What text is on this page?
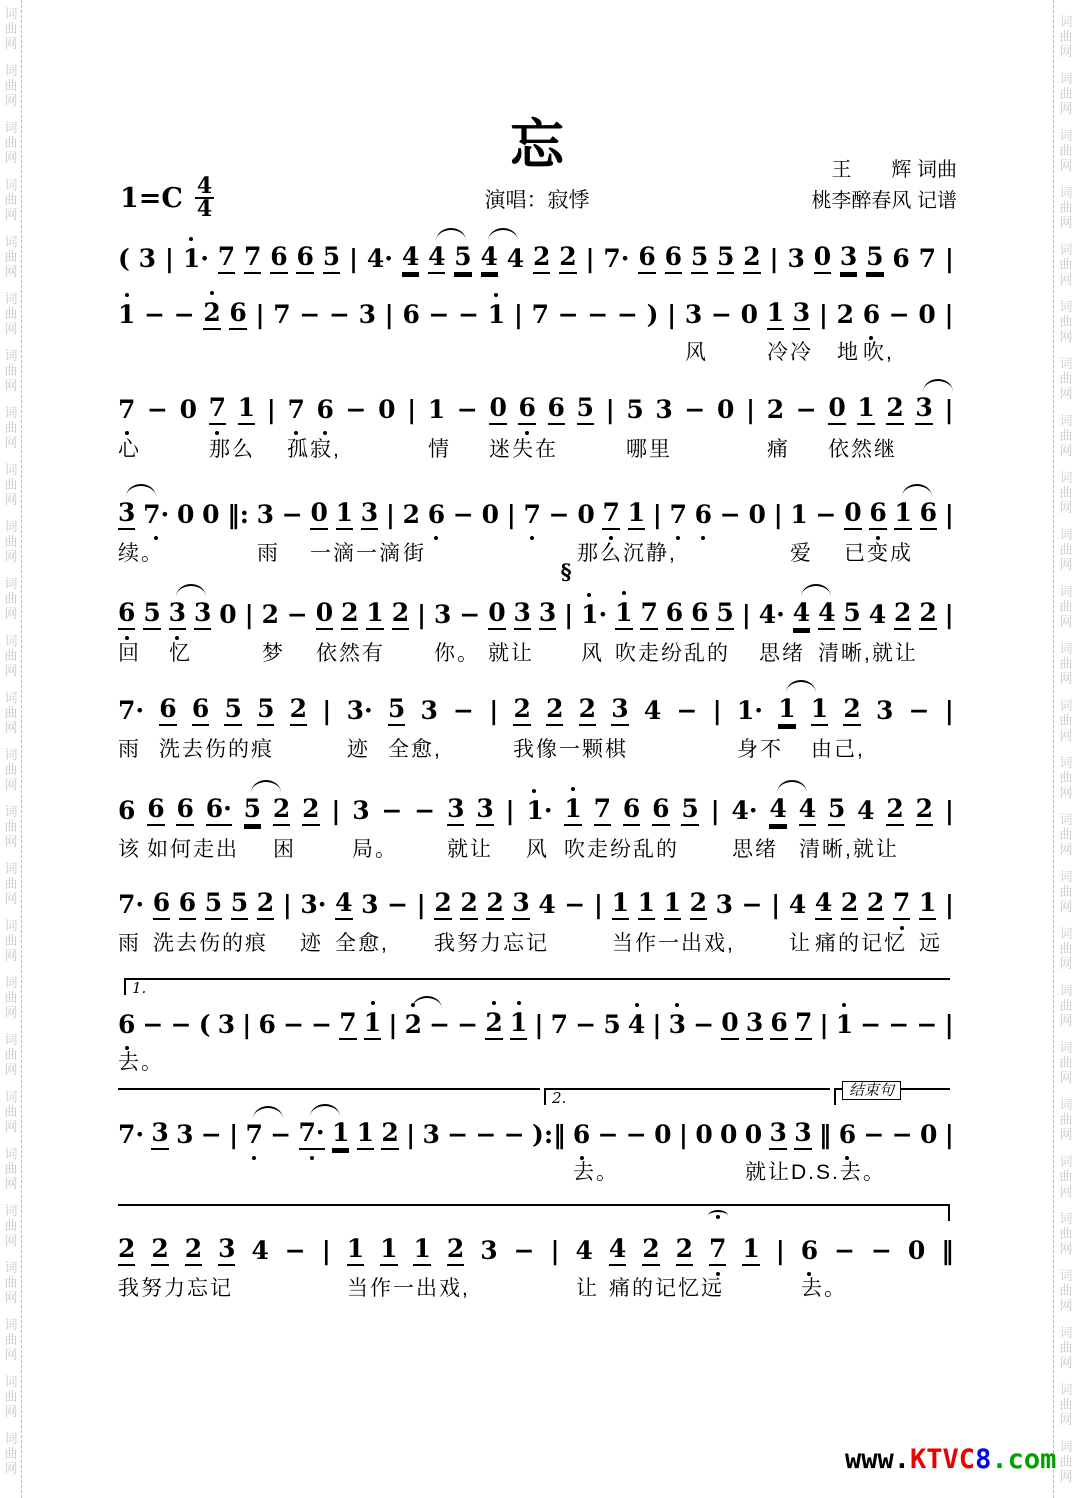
词
曲
网
词
曲
网
词
曲
网
词
曲
网
词
曲
网
词
曲
网
词
曲
网
词
曲
网
词
曲
网
词
曲
网
词
曲
网
词
曲
网
词
曲
网
词
曲
网
词
曲
网
词
曲
网
词
曲
网
词
曲
网
词
曲
网
词
曲
网
词
曲
网
词
曲
网
词
曲
网
词
曲
网
词
曲
网
词
曲
网
词
曲
网
词
曲
网
词
曲
网
词
曲
网
词
曲
网
词
曲
网
词
曲
网
词
曲
网
词
曲
网
词
曲
网
词
曲
网
词
曲
网
词
曲
网
词
曲
网
词
曲
网
词
曲
网
词
曲
网
词
曲
网
词
曲
网
词
曲
网
词
曲
网
词
曲
网
词
曲
网
词
曲
网
词
曲
网
词
曲
网
忘
1=C 4
4	演唱：寂悸
王　　辉 词曲
桃李醉春风 记谱
( 3 | 1· 7 7 6 6 5 | 4· 4 4 5 4 4 2 2 | 7· 6 6 5 5 2 | 3 0 3 5 6 7 |
1 − − 2 6 | 7 − − 3 | 6 − − 1 | 7 − − − ) | 3 − 0 1 3 | 2 6 − 0 |
风	冷冷 地 吹,
7 − 0 7 1 | 7 6 − 0 | 1 − 0 6 6 5 | 5 3 − 0 | 2 − 0 1 2 3 |
心	那么 孤寂,	情 迷失在	哪里	痛 依然继
3 7· 0 0 ‖: 3 − 0 1 3 | 2 6 − 0 | 7 − 0 7 1 | 7 6 − 0 | 1 − 0 6 1 6 |
续。	雨 一滴一滴 街	那么沉静,	爱 已变成
6 5 3 3 0 | 2 − 0 2 1 2 | 3 − 0 3 3 |
§
1· 1 7 6 6 5 | 4· 4 4 5 4 2 2 |
回 忆	梦 依然有 你。 就让 风 吹走纷乱的 思绪 清晰,就让
7· 6 6 5 5 2 | 3· 5 3 − | 2 2 2 3 4 − | 1· 1 1 2 3 − |
雨 洗去伤的痕	迹 全愈,	我像一颗棋	身不 由己,
6 6 6 6· 5 2 2 | 3 − − 3 3 | 1· 1 7 6 6 5 | 4· 4 4 5 4 2 2 |
该 如何走出 困	局。 就让 风 吹走纷乱的	思绪 清晰,就让
7· 6 6 5 5 2 | 3· 4 3 − | 2 2 2 3 4 − | 1 1 1 2 3 − | 4 4 2 2 7 1 |
雨 洗去伤的痕 迹 全愈, 我努力忘记	当作一出戏,	让 痛的记忆 远
6 − − ( 3 | 6 − − 7 1 | 2 − − 2 1 | 7 − 5 4 | 3 − 0 3 6 7 | 1 − − − |
1.
去。
7· 3 3 − | 7 − 7· 1 1 2 | 3 − − − ):‖ 6 − − 0 | 0 0 0 3 3 ‖ 6 − − 0 |
2.	结束句
去。	就让D.S.去。
2 2 2 3 4 − | 1 1 1 2 3 − | 4 4 2 2 7 1 | 6 − − 0 ‖
我努力忘记	当作一出戏,	让 痛的记忆远	去。
www.KTVC8.com
